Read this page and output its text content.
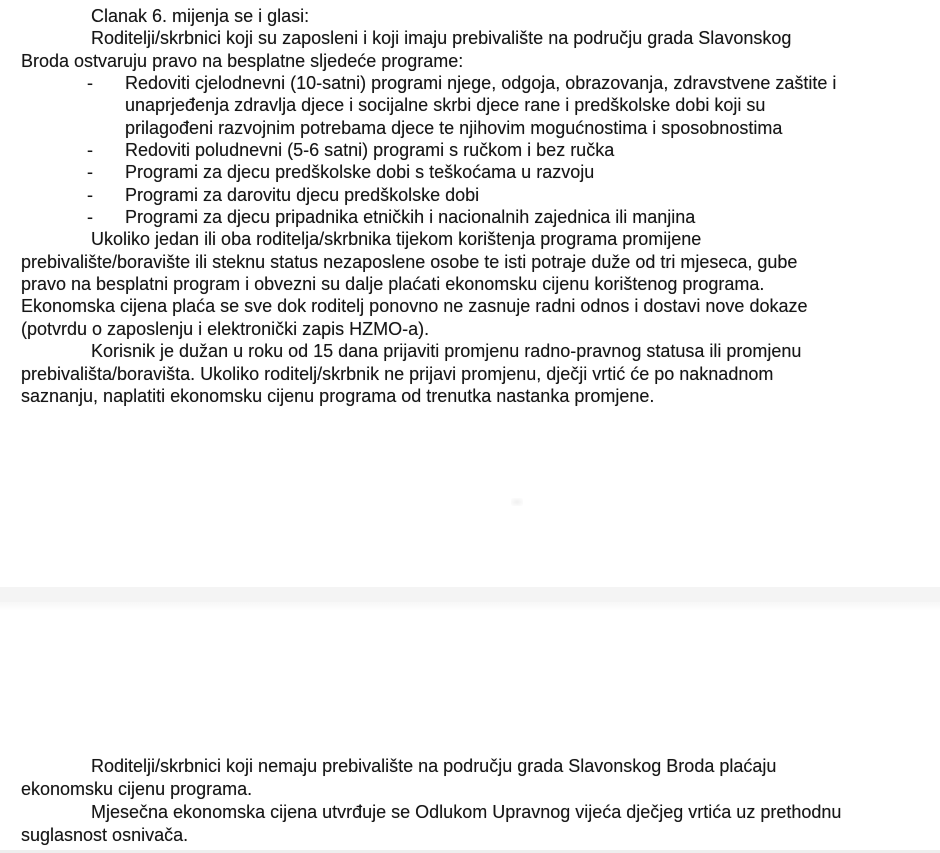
Clanak 6. mijenja se i glasi:
Roditelji/skrbnici koji su zaposleni i koji imaju prebivalište na području grada Slavonskog
Broda ostvaruju pravo na besplatne sljedeće programe:
-	Redoviti cjelodnevni (10-satni) programi njege, odgoja, obrazovanja, zdravstvene zaštite i
unaprjeđenja zdravlja djece i socijalne skrbi djece rane i predškolske dobi koji su
prilagođeni razvojnim potrebama djece te njihovim mogućnostima i sposobnostima
-	Redoviti poludnevni (5-6 satni) programi s ručkom i bez ručka
-	Programi za djecu predškolske dobi s teškoćama u razvoju
-	Programi za darovitu djecu predškolske dobi
-	Programi za djecu pripadnika etničkih i nacionalnih zajednica ili manjina
Ukoliko jedan ili oba roditelja/skrbnika tijekom korištenja programa promijene
prebivalište/boravište ili steknu status nezaposlene osobe te isti potraje duže od tri mjeseca, gube
pravo na besplatni program i obvezni su dalje plaćati ekonomsku cijenu korištenog programa.
Ekonomska cijena plaća se sve dok roditelj ponovno ne zasnuje radni odnos i dostavi nove dokaze
(potvrdu o zaposlenju i elektronički zapis HZMO-a).
Korisnik je dužan u roku od 15 dana prijaviti promjenu radno-pravnog statusa ili promjenu
prebivališta/boravišta. Ukoliko roditelj/skrbnik ne prijavi promjenu, dječji vrtić će po naknadnom
saznanju, naplatiti ekonomsku cijenu programa od trenutka nastanka promjene.
Roditelji/skrbnici koji nemaju prebivalište na području grada Slavonskog Broda plaćaju
ekonomsku cijenu programa.
Mjesečna ekonomska cijena utvrđuje se Odlukom Upravnog vijeća dječjeg vrtića uz prethodnu
suglasnost osnivača.
